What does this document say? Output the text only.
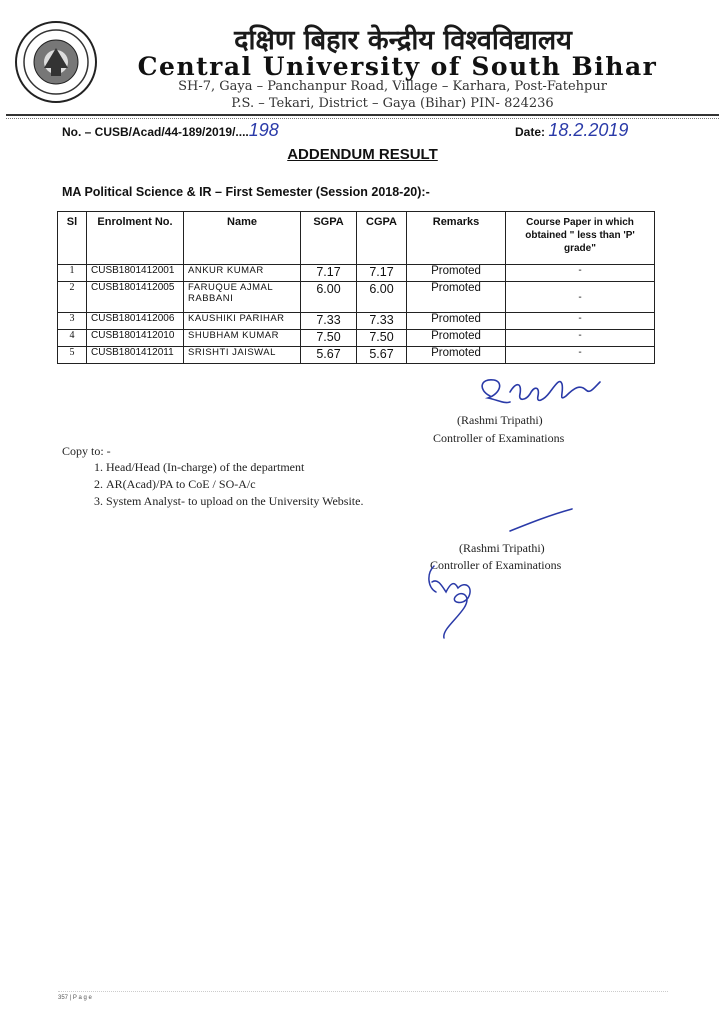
दक्षिण बिहार केन्द्रीय विश्वविद्यालय
Central University of South Bihar
SH-7, Gaya – Panchanpur Road, Village – Karhara, Post-Fatehpur
P.S. – Tekari, District – Gaya (Bihar) PIN- 824236
No. – CUSB/Acad/44-189/2019/....198	Date: 18.2.2019
ADDENDUM RESULT
MA Political Science & IR – First Semester (Session 2018-20):-
Sl	Enrolment No.	Name	SGPA	CGPA	Remarks	Course Paper in which obtained " less than 'P' grade"
1	CUSB1801412001	ANKUR KUMAR	7.17	7.17	Promoted	-
2	CUSB1801412005	FARUQUE AJMAL RABBANI	6.00	6.00	Promoted	-
3	CUSB1801412006	KAUSHIKI PARIHAR	7.33	7.33	Promoted	-
4	CUSB1801412010	SHUBHAM KUMAR	7.50	7.50	Promoted	-
5	CUSB1801412011	SRISHTI JAISWAL	5.67	5.67	Promoted	-
(Rashmi Tripathi)
Controller of Examinations
Copy to: -
1. Head/Head (In-charge) of the department
2. AR(Acad)/PA to CoE / SO-A/c
3. System Analyst- to upload on the University Website.
(Rashmi Tripathi)
Controller of Examinations
357 | P a g e
